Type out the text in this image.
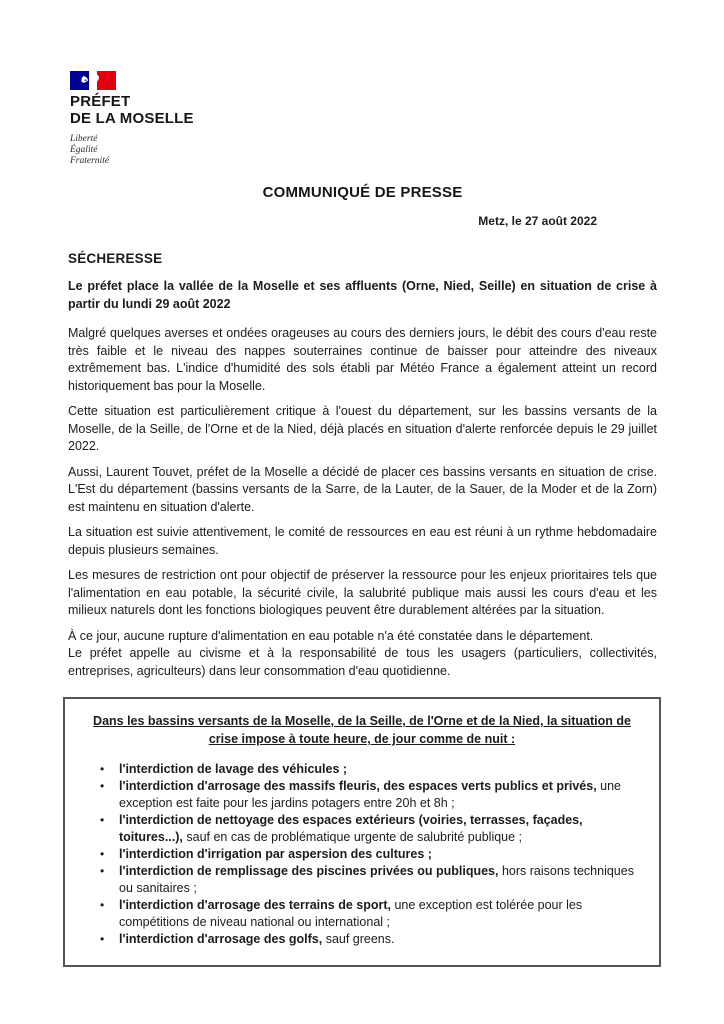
PRÉFET
DE LA MOSELLE
Liberté
Égalité
Fraternité
COMMUNIQUÉ DE PRESSE
Metz, le 27 août 2022
SÉCHERESSE

Le préfet place la vallée de la Moselle et ses affluents (Orne, Nied, Seille) en situation de crise à partir du lundi 29 août 2022

Malgré quelques averses et ondées orageuses au cours des derniers jours, le débit des cours d'eau reste très faible et le niveau des nappes souterraines continue de baisser pour atteindre des niveaux extrêmement bas. L'indice d'humidité des sols établi par Météo France a également atteint un record historiquement bas pour la Moselle.

Cette situation est particulièrement critique à l'ouest du département, sur les bassins versants de la Moselle, de la Seille, de l'Orne et de la Nied, déjà placés en situation d'alerte renforcée depuis le 29 juillet 2022.

Aussi, Laurent Touvet, préfet de la Moselle a décidé de placer ces bassins versants en situation de crise. L'Est du département (bassins versants de la Sarre, de la Lauter, de la Sauer, de la Moder et de la Zorn) est maintenu en situation d'alerte.

La situation est suivie attentivement, le comité de ressources en eau est réuni à un rythme hebdomadaire depuis plusieurs semaines.

Les mesures de restriction ont pour objectif de préserver la ressource pour les enjeux prioritaires tels que l'alimentation en eau potable, la sécurité civile, la salubrité publique mais aussi les cours d'eau et les milieux naturels dont les fonctions biologiques peuvent être durablement altérées par la situation.

À ce jour, aucune rupture d'alimentation en eau potable n'a été constatée dans le département.
Le préfet appelle au civisme et à la responsabilité de tous les usagers (particuliers, collectivités, entreprises, agriculteurs) dans leur consommation d'eau quotidienne.

Dans les bassins versants de la Moselle, de la Seille, de l'Orne et de la Nied, la situation de crise impose à toute heure, de jour comme de nuit :
• l'interdiction de lavage des véhicules ;
• l'interdiction d'arrosage des massifs fleuris, des espaces verts publics et privés, une exception est faite pour les jardins potagers entre 20h et 8h ;
• l'interdiction de nettoyage des espaces extérieurs (voiries, terrasses, façades, toitures...), sauf en cas de problématique urgente de salubrité publique ;
• l'interdiction d'irrigation par aspersion des cultures ;
• l'interdiction de remplissage des piscines privées ou publiques, hors raisons techniques ou sanitaires ;
• l'interdiction d'arrosage des terrains de sport, une exception est tolérée pour les compétitions de niveau national ou international ;
• l'interdiction d'arrosage des golfs, sauf greens.
